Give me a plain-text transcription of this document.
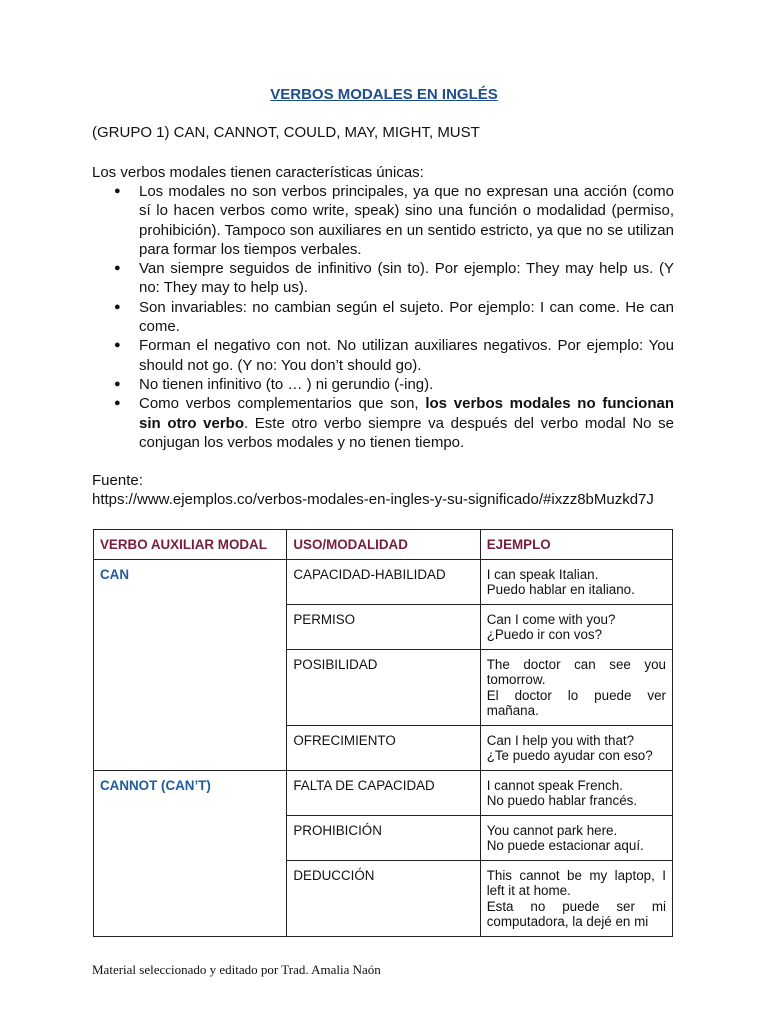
VERBOS MODALES EN INGLÉS
(GRUPO 1) CAN, CANNOT, COULD, MAY, MIGHT, MUST
Los verbos modales tienen características únicas:
● Los modales no son verbos principales, ya que no expresan una acción (como sí lo hacen verbos como write, speak) sino una función o modalidad (permiso, prohibición). Tampoco son auxiliares en un sentido estricto, ya que no se utilizan para formar los tiempos verbales.
● Van siempre seguidos de infinitivo (sin to). Por ejemplo: They may help us. (Y no: They may to help us).
● Son invariables: no cambian según el sujeto. Por ejemplo: I can come. He can come.
● Forman el negativo con not. No utilizan auxiliares negativos. Por ejemplo: You should not go. (Y no: You don’t should go).
● No tienen infinitivo (to … ) ni gerundio (-ing).
● Como verbos complementarios que son, los verbos modales no funcionan sin otro verbo. Este otro verbo siempre va después del verbo modal No se conjugan los verbos modales y no tienen tiempo.
Fuente:
https://www.ejemplos.co/verbos-modales-en-ingles-y-su-significado/#ixzz8bMuzkd7J
VERBO AUXILIAR MODAL	USO/MODALIDAD	EJEMPLO
CAN	CAPACIDAD-HABILIDAD	I can speak Italian.
Puedo hablar en italiano.

	PERMISO	Can I come with you?
¿Puedo ir con vos?

	POSIBILIDAD	The doctor can see you tomorrow.
El doctor lo puede ver mañana.

	OFRECIMIENTO	Can I help you with that?
¿Te puedo ayudar con eso?

CANNOT (CAN’T)	FALTA DE CAPACIDAD	I cannot speak French.
No puedo hablar francés.

	PROHIBICIÓN	You cannot park here.
No puede estacionar aquí.

	DEDUCCIÓN	This cannot be my laptop, I left it at home.
Esta no puede ser mi computadora, la dejé en mi
Material seleccionado y editado por Trad. Amalia Naón
